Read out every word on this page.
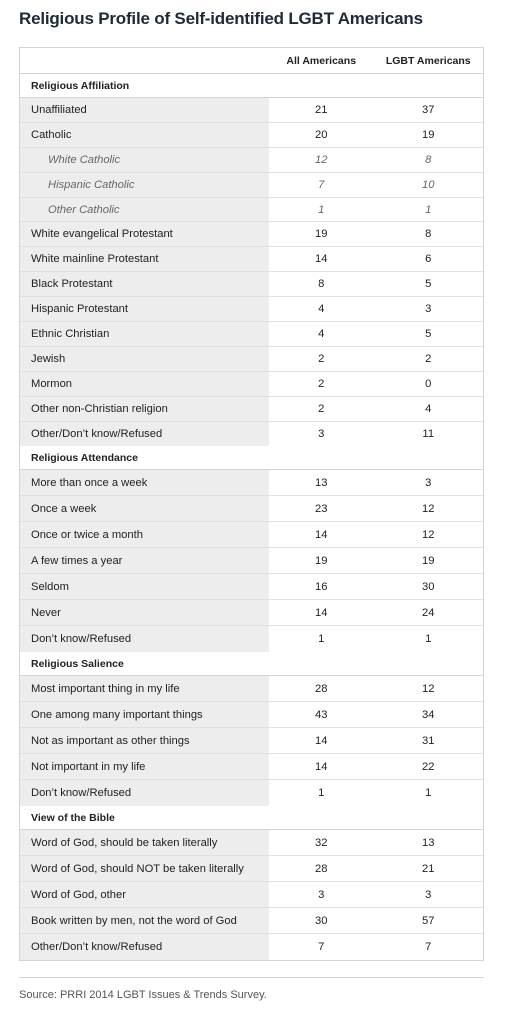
Religious Profile of Self-identified LGBT Americans
All Americans	LGBT Americans
Religious Affiliation
Unaffiliated	21	37
Catholic	20	19
White Catholic	12	8
Hispanic Catholic	7	10
Other Catholic	1	1
White evangelical Protestant	19	8
White mainline Protestant	14	6
Black Protestant	8	5
Hispanic Protestant	4	3
Ethnic Christian	4	5
Jewish	2	2
Mormon	2	0
Other non-Christian religion	2	4
Other/Don’t know/Refused	3	11
Religious Attendance
More than once a week	13	3
Once a week	23	12
Once or twice a month	14	12
A few times a year	19	19
Seldom	16	30
Never	14	24
Don’t know/Refused	1	1
Religious Salience
Most important thing in my life	28	12
One among many important things	43	34
Not as important as other things	14	31
Not important in my life	14	22
Don’t know/Refused	1	1
View of the Bible
Word of God, should be taken literally	32	13
Word of God, should NOT be taken literally	28	21
Word of God, other	3	3
Book written by men, not the word of God	30	57
Other/Don’t know/Refused	7	7
Source: PRRI 2014 LGBT Issues & Trends Survey.
